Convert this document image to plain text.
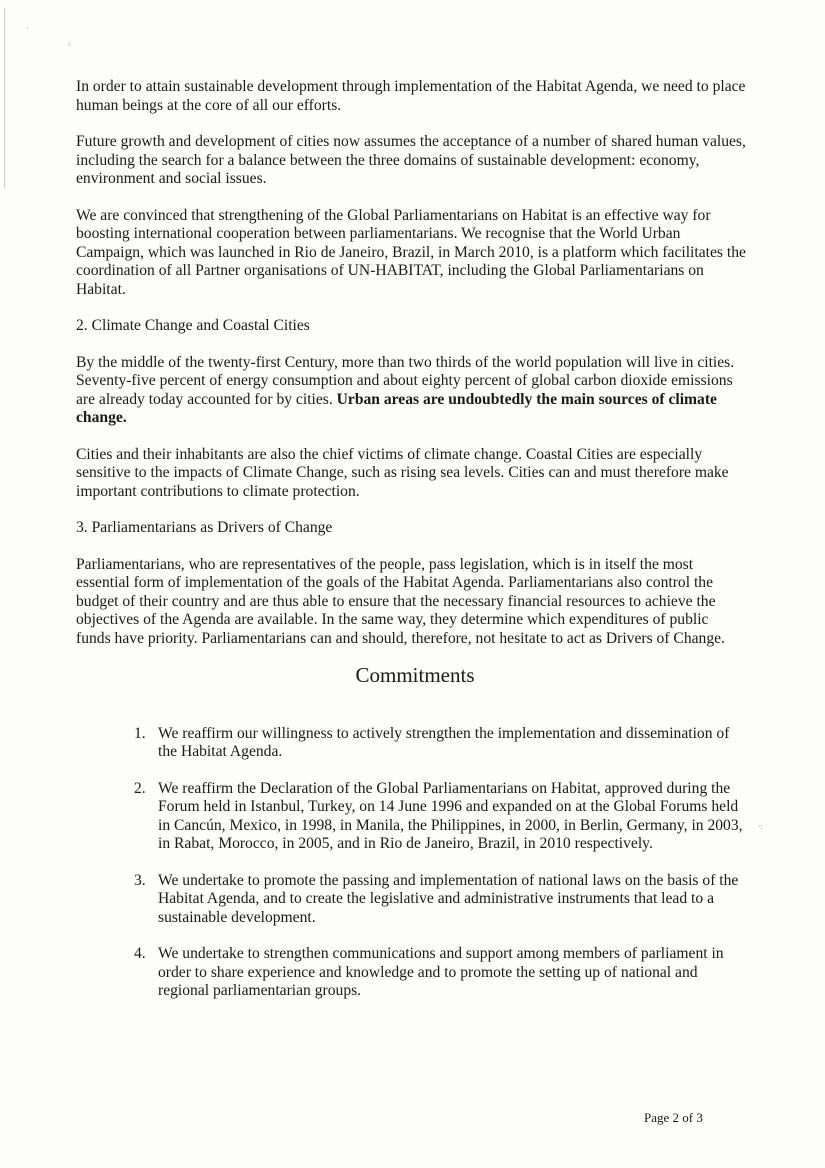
·
◦
·:

In order to attain sustainable development through implementation of the Habitat Agenda, we need to place human beings at the core of all our efforts.

Future growth and development of cities now assumes the acceptance of a number of shared human values, including the search for a balance between the three domains of sustainable development: economy, environment and social issues.

We are convinced that strengthening of the Global Parliamentarians on Habitat is an effective way for boosting international cooperation between parliamentarians. We recognise that the World Urban Campaign, which was launched in Rio de Janeiro, Brazil, in March 2010, is a platform which facilitates the coordination of all Partner organisations of UN-HABITAT, including the Global Parliamentarians on Habitat.

2. Climate Change and Coastal Cities

By the middle of the twenty-first Century, more than two thirds of the world population will live in cities. Seventy-five percent of energy consumption and about eighty percent of global carbon dioxide emissions are already today accounted for by cities. Urban areas are undoubtedly the main sources of climate change.

Cities and their inhabitants are also the chief victims of climate change. Coastal Cities are especially sensitive to the impacts of Climate Change, such as rising sea levels. Cities can and must therefore make important contributions to climate protection.

3. Parliamentarians as Drivers of Change

Parliamentarians, who are representatives of the people, pass legislation, which is in itself the most essential form of implementation of the goals of the Habitat Agenda. Parliamentarians also control the budget of their country and are thus able to ensure that the necessary financial resources to achieve the objectives of the Agenda are available. In the same way, they determine which expenditures of public funds have priority. Parliamentarians can and should, therefore, not hesitate to act as Drivers of Change.

Commitments
1. We reaffirm our willingness to actively strengthen the implementation and dissemination of the Habitat Agenda.
2. We reaffirm the Declaration of the Global Parliamentarians on Habitat, approved during the Forum held in Istanbul, Turkey, on 14 June 1996 and expanded on at the Global Forums held in Cancún, Mexico, in 1998, in Manila, the Philippines, in 2000, in Berlin, Germany, in 2003, in Rabat, Morocco, in 2005, and in Rio de Janeiro, Brazil, in 2010 respectively.
3. We undertake to promote the passing and implementation of national laws on the basis of the Habitat Agenda, and to create the legislative and administrative instruments that lead to a sustainable development.
4. We undertake to strengthen communications and support among members of parliament in order to share experience and knowledge and to promote the setting up of national and regional parliamentarian groups.
Page 2 of 3
